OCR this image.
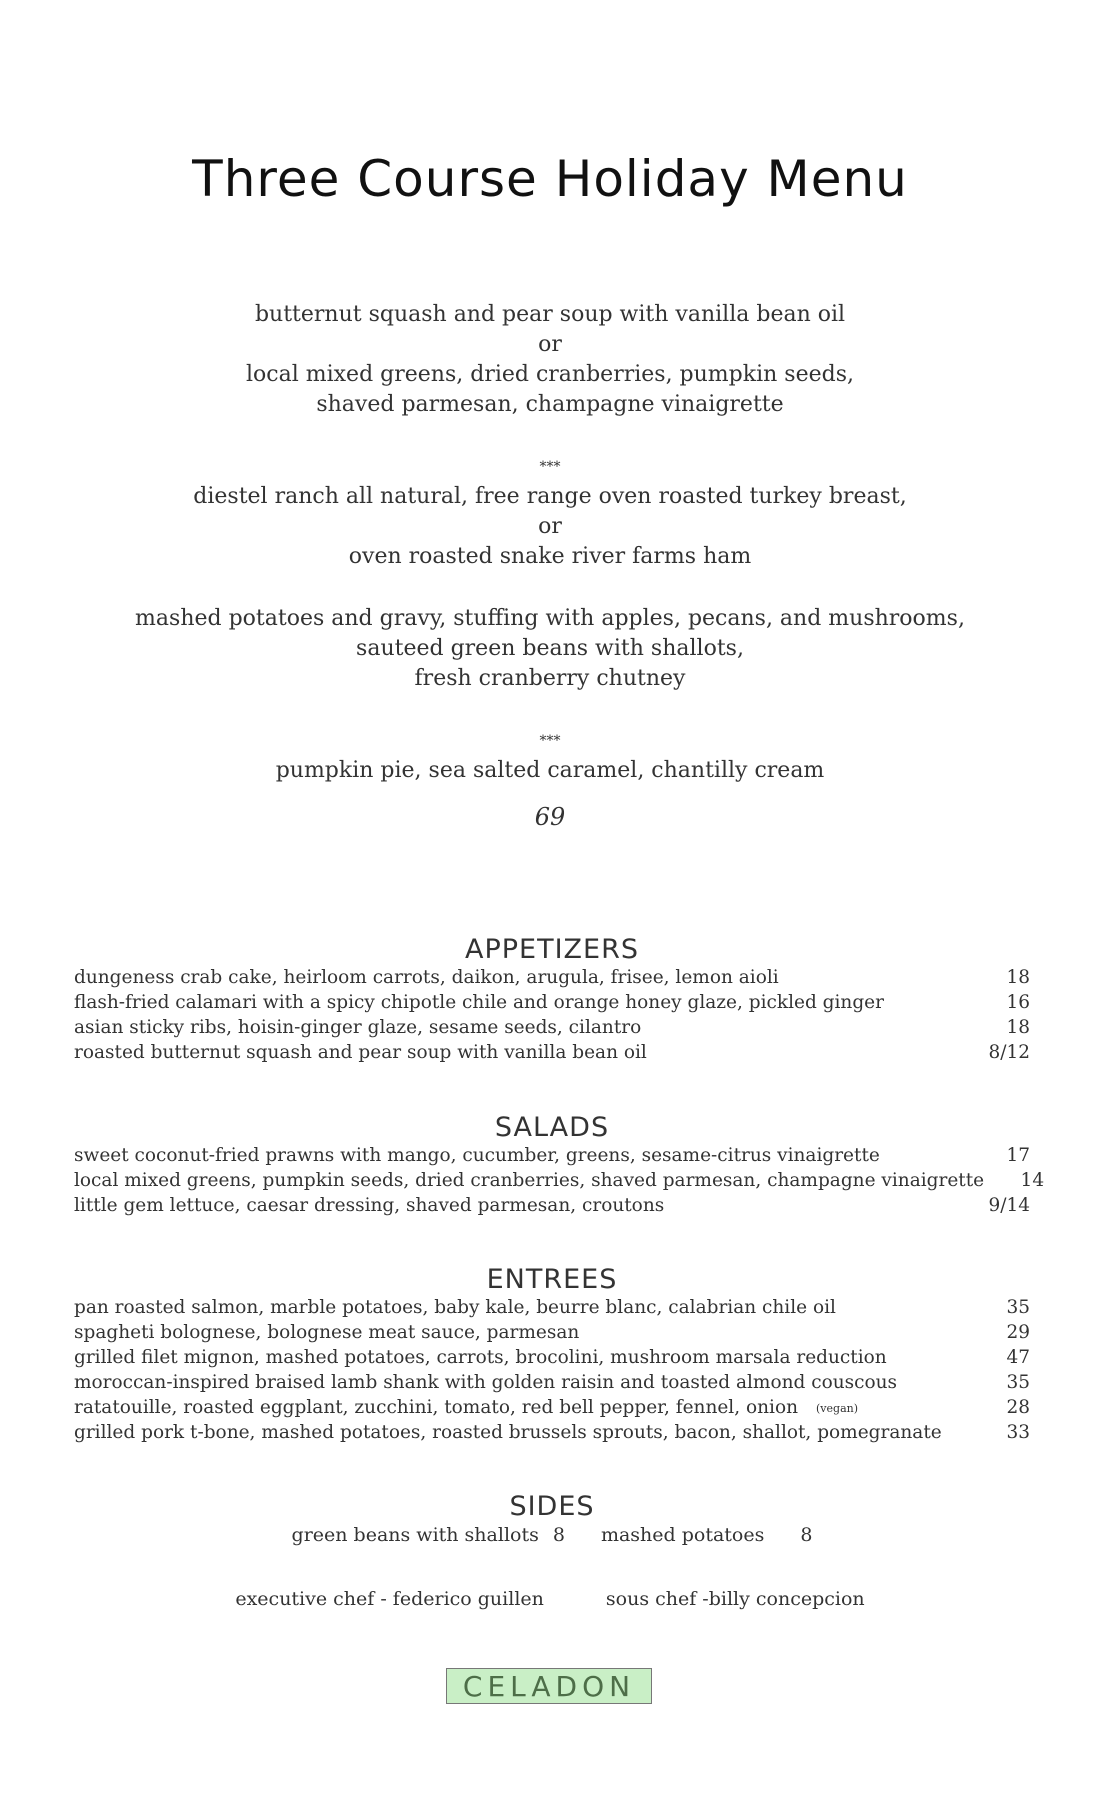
Three Course Holiday Menu
butternut squash and pear soup with vanilla bean oil
or
local mixed greens, dried cranberries, pumpkin seeds,
shaved parmesan, champagne vinaigrette
***
diestel ranch all natural, free range oven roasted turkey breast,
or
oven roasted snake river farms ham
mashed potatoes and gravy, stuffing with apples, pecans, and mushrooms,
sauteed green beans with shallots,
fresh cranberry chutney
***
pumpkin pie, sea salted caramel, chantilly cream
69
APPETIZERS
dungeness crab cake, heirloom carrots, daikon, arugula, frisee, lemon aioli	18
flash-fried calamari with a spicy chipotle chile and orange honey glaze, pickled ginger	16
asian sticky ribs, hoisin-ginger glaze, sesame seeds, cilantro	18
roasted butternut squash and pear soup with vanilla bean oil	8/12
SALADS
sweet coconut-fried prawns with mango, cucumber, greens, sesame-citrus vinaigrette	17
local mixed greens, pumpkin seeds, dried cranberries, shaved parmesan, champagne vinaigrette	14
little gem lettuce, caesar dressing, shaved parmesan, croutons	9/14
ENTREES
pan roasted salmon, marble potatoes, baby kale, beurre blanc, calabrian chile oil	35
spagheti bolognese, bolognese meat sauce, parmesan	29
grilled filet mignon, mashed potatoes, carrots, brocolini, mushroom marsala reduction	47
moroccan-inspired braised lamb shank with golden raisin and toasted almond couscous	35
ratatouille, roasted eggplant, zucchini, tomato, red bell pepper, fennel, onion (vegan)	28
grilled pork t-bone, mashed potatoes, roasted brussels sprouts, bacon, shallot, pomegranate	33
SIDES
green beans with shallots 8 mashed potatoes 8
executive chef - federico guillen	sous chef -billy concepcion
CELADON
